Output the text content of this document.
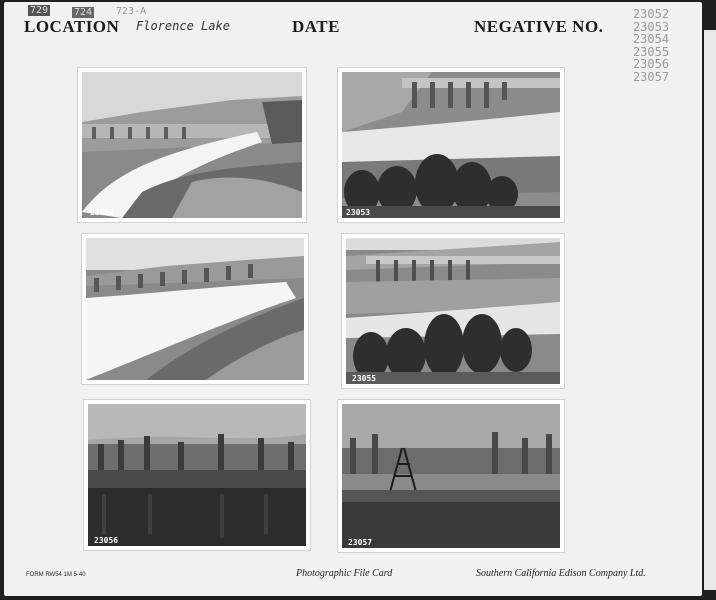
729	724 723-A
LOCATION Florence Lake	DATE	NEGATIVE NO.
23052
23053
23054
23055
23056
23057
23052	23053
23055
23056	23057
FORM RW54 1M 5-40	Photographic File Card	Southern California Edison Company Ltd.
